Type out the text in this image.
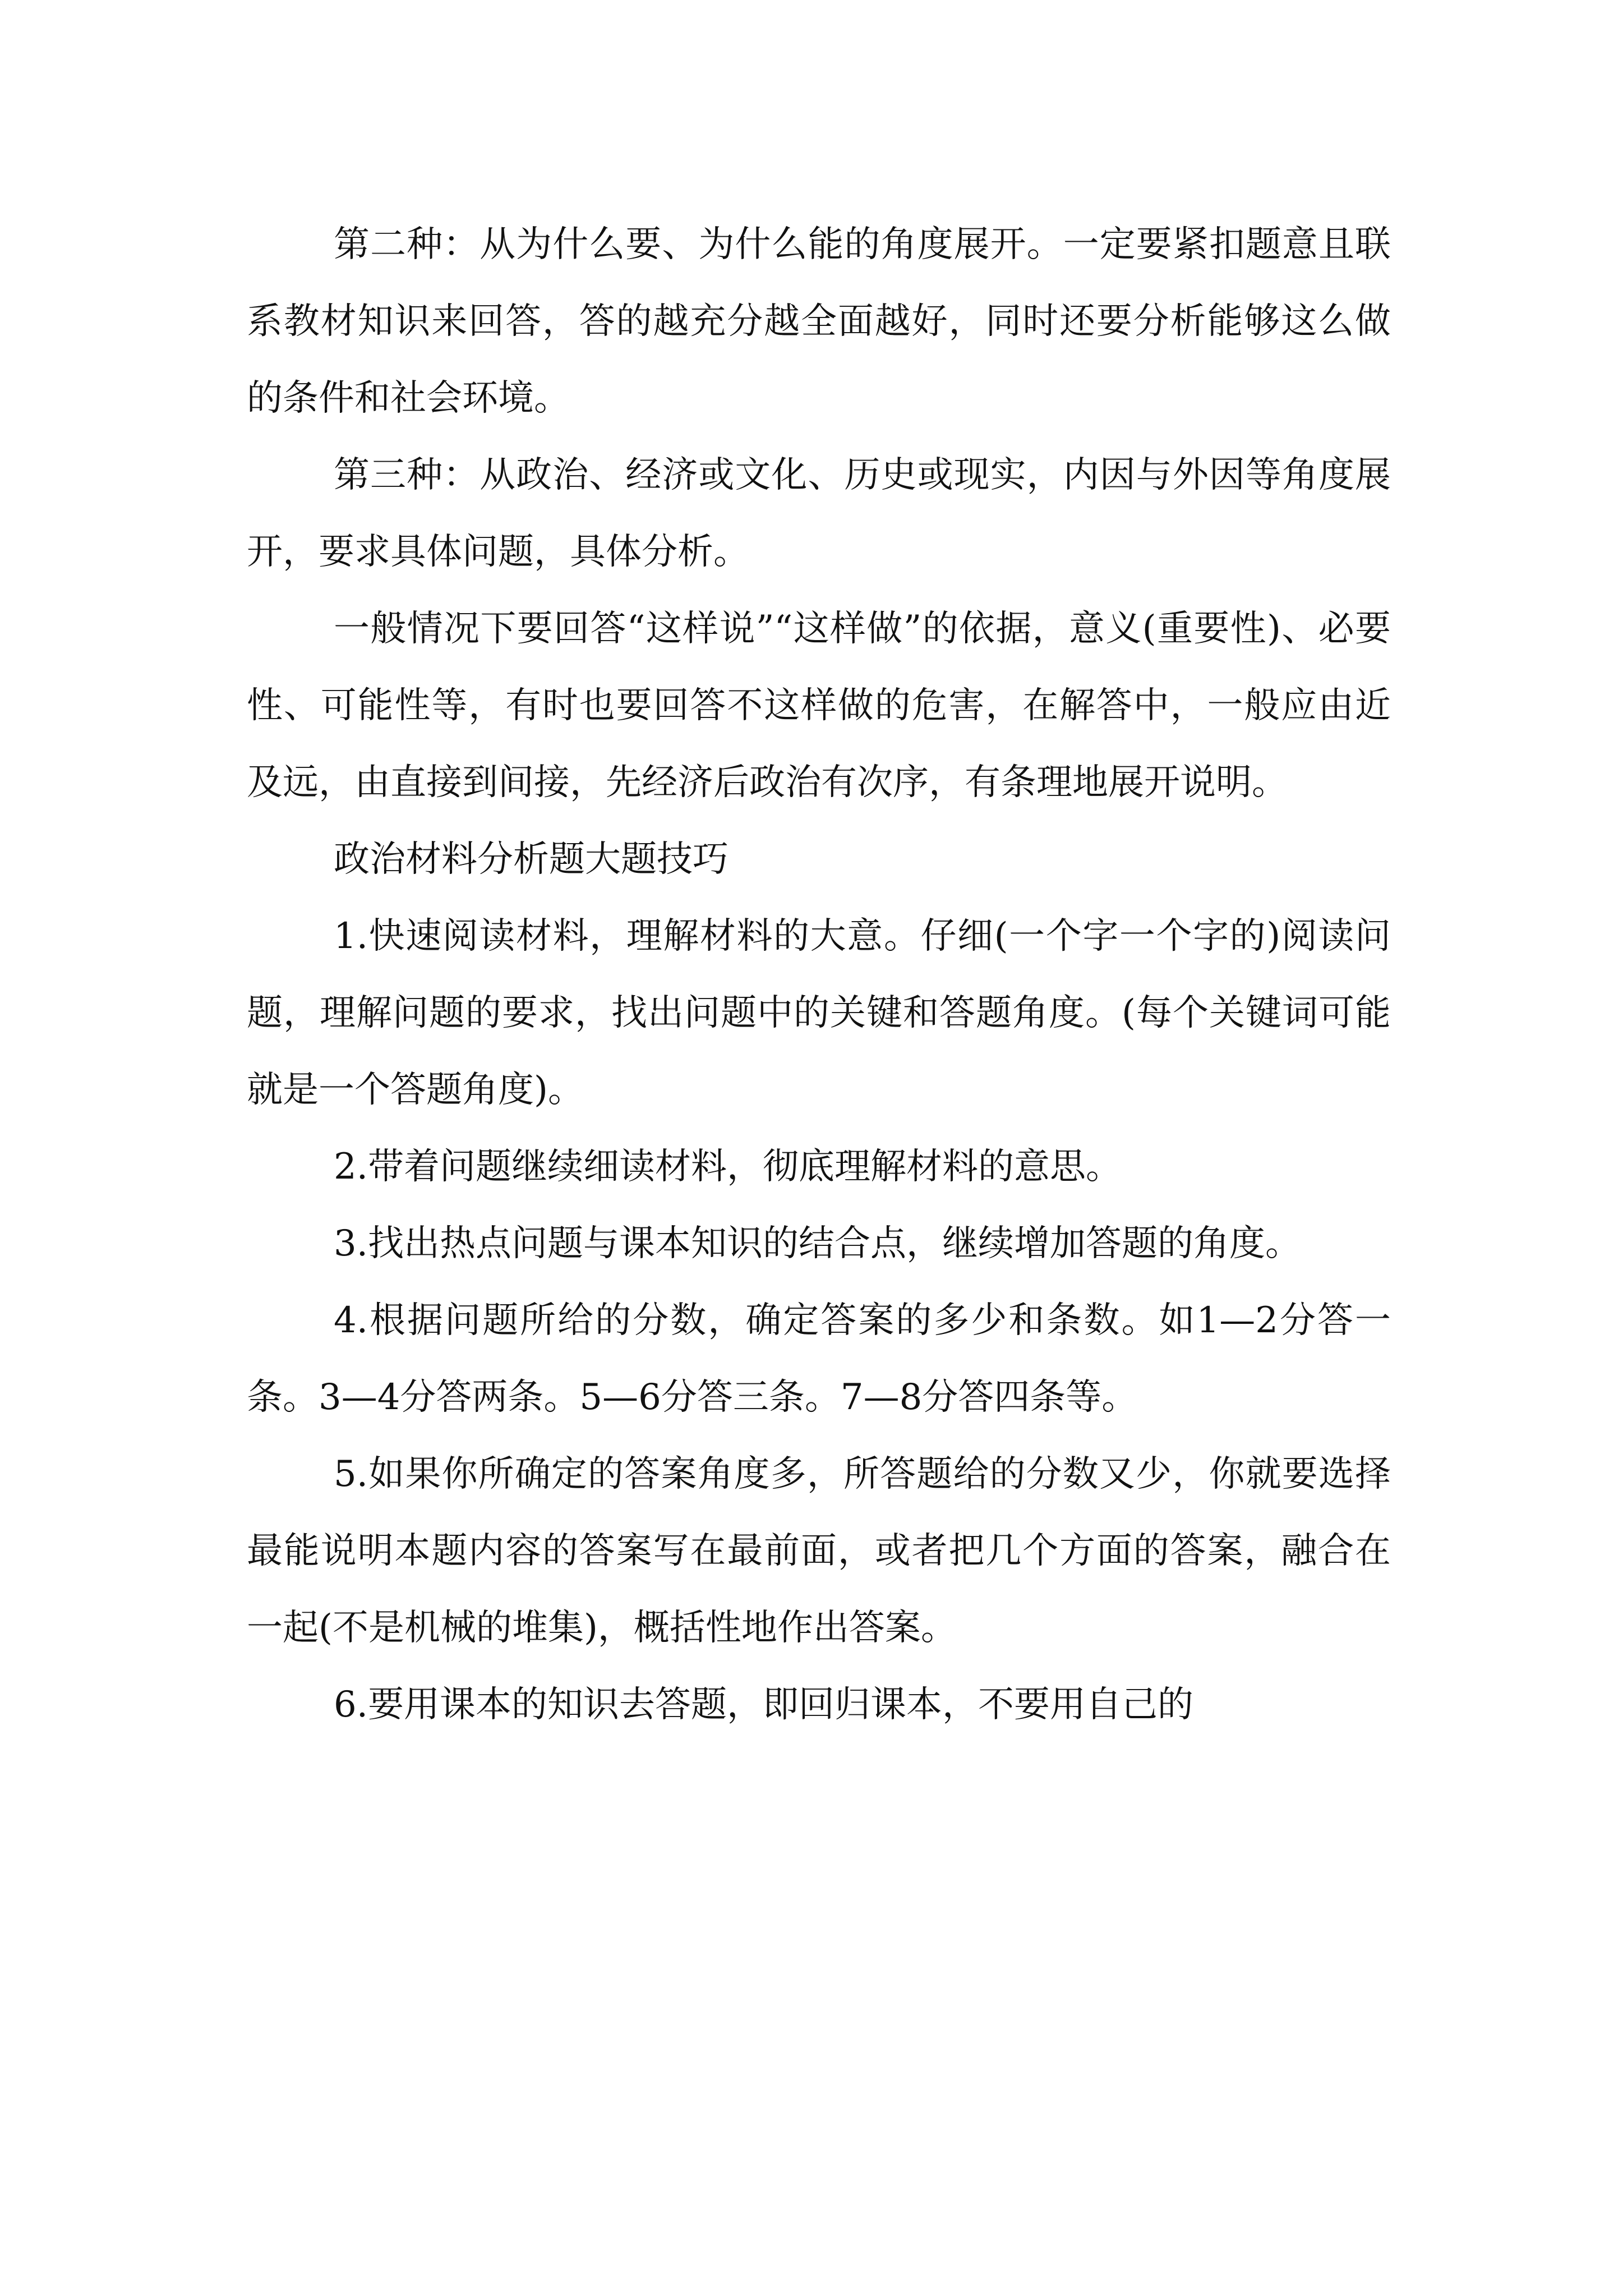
第二种：从为什么要、为什么能的角度展开。一定要紧扣题意且联系教材知识来回答，答的越充分越全面越好，同时还要分析能够这么做的条件和社会环境。

第三种：从政治、经济或文化、历史或现实，内因与外因等角度展开，要求具体问题，具体分析。

一般情况下要回答“这样说”“这样做”的依据，意义(重要性)、必要性、可能性等，有时也要回答不这样做的危害，在解答中，一般应由近及远，由直接到间接，先经济后政治有次序，有条理地展开说明。

政治材料分析题大题技巧

1.快速阅读材料，理解材料的大意。仔细(一个字一个字的)阅读问题，理解问题的要求，找出问题中的关键和答题角度。(每个关键词可能就是一个答题角度)。

2.带着问题继续细读材料，彻底理解材料的意思。

3.找出热点问题与课本知识的结合点，继续增加答题的角度。

4.根据问题所给的分数，确定答案的多少和条数。如1—2分答一条。3—4分答两条。5—6分答三条。7—8分答四条等。

5.如果你所确定的答案角度多，所答题给的分数又少，你就要选择最能说明本题内容的答案写在最前面，或者把几个方面的答案，融合在一起(不是机械的堆集)，概括性地作出答案。

6.要用课本的知识去答题，即回归课本，不要用自己的
